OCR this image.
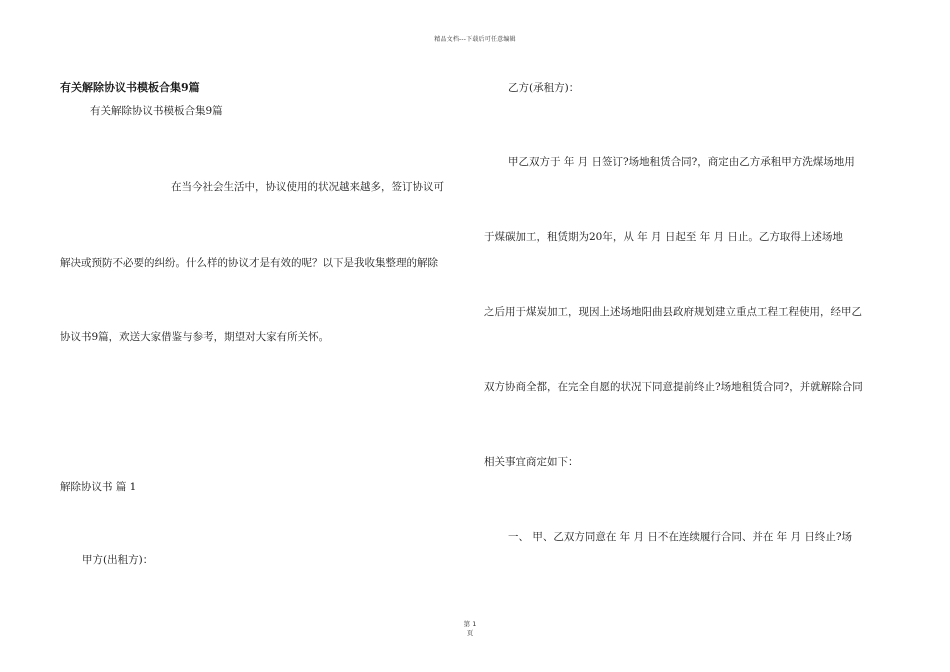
精品文档---下载后可任意编辑
有关解除协议书模板合集9篇
有关解除协议书模板合集9篇
在当今社会生活中，协议使用的状况越来越多，签订协议可
解决或预防不必要的纠纷。什么样的协议才是有效的呢？以下是我收集整理的解除
协议书9篇，欢送大家借鉴与参考，期望对大家有所关怀。
解除协议书 篇 1
甲方(出租方)：
乙方(承租方)：
甲乙双方于 年 月 日签订?场地租赁合同?，商定由乙方承租甲方洗煤场地用
于煤碳加工，租赁期为20年，从 年 月 日起至 年 月 日止。乙方取得上述场地
之后用于煤炭加工，现因上述场地阳曲县政府规划建立重点工程工程使用，经甲乙
双方协商全都，在完全自愿的状况下同意提前终止?场地租赁合同?，并就解除合同
相关事宜商定如下：
一、 甲、乙双方同意在 年 月 日不在连续履行合同、并在 年 月 日终止?场
第 1
页
